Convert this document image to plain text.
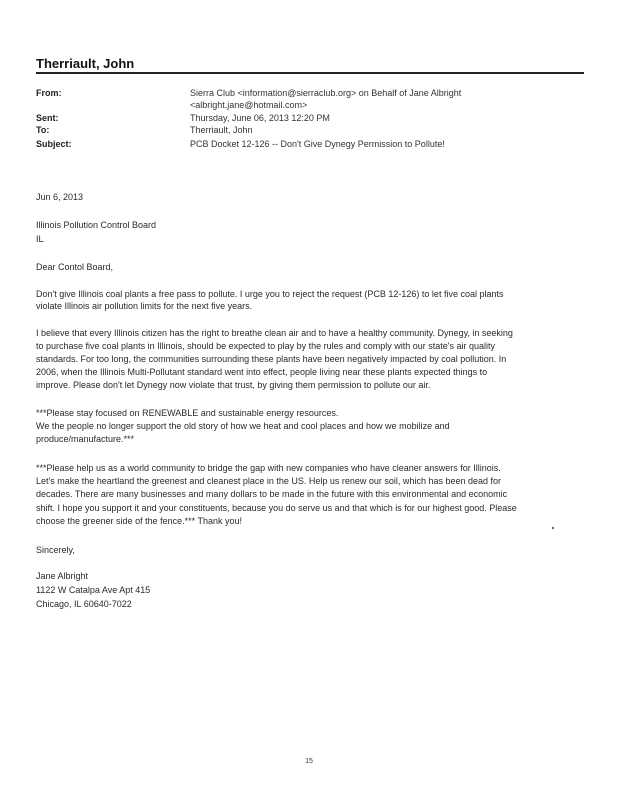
Therriault, John
From:	Sierra Club <information@sierraclub.org> on Behalf of Jane Albright
<albright.jane@hotmail.com>
Sent:	Thursday, June 06, 2013 12:20 PM
To:	Therriault, John
Subject:	PCB Docket 12-126 -- Don't Give Dynegy Permission to Pollute!
Jun 6, 2013
Illinois Pollution Control Board
IL
Dear Contol Board,
Don't give Illinois coal plants a free pass to pollute. I urge you to reject the request (PCB 12-126) to let five coal plants
violate Illinois air pollution limits for the next five years.
I believe that every Illinois citizen has the right to breathe clean air and to have a healthy community. Dynegy, in seeking
to purchase five coal plants in Illinois, should be expected to play by the rules and comply with our state's air quality
standards. For too long, the communities surrounding these plants have been negatively impacted by coal pollution. In
2006, when the Illinois Multi-Pollutant standard went into effect, people living near these plants expected things to
improve. Please don't let Dynegy now violate that trust, by giving them permission to pollute our air.
***Please stay focused on RENEWABLE and sustainable energy resources.
We the people no longer support the old story of how we heat and cool places and how we mobilize and
produce/manufacture.***
***Please help us as a world community to bridge the gap with new companies who have cleaner answers for Illinois.
Let's make the heartland the greenest and cleanest place in the US. Help us renew our soil, which has been dead for
decades. There are many businesses and many dollars to be made in the future with this environmental and economic
shift. I hope you support it and your constituents, because you do serve us and that which is for our highest good. Please
choose the greener side of the fence.*** Thank you!
Sincerely,
Jane Albright
1122 W Catalpa Ave Apt 415
Chicago, IL 60640-7022
15
